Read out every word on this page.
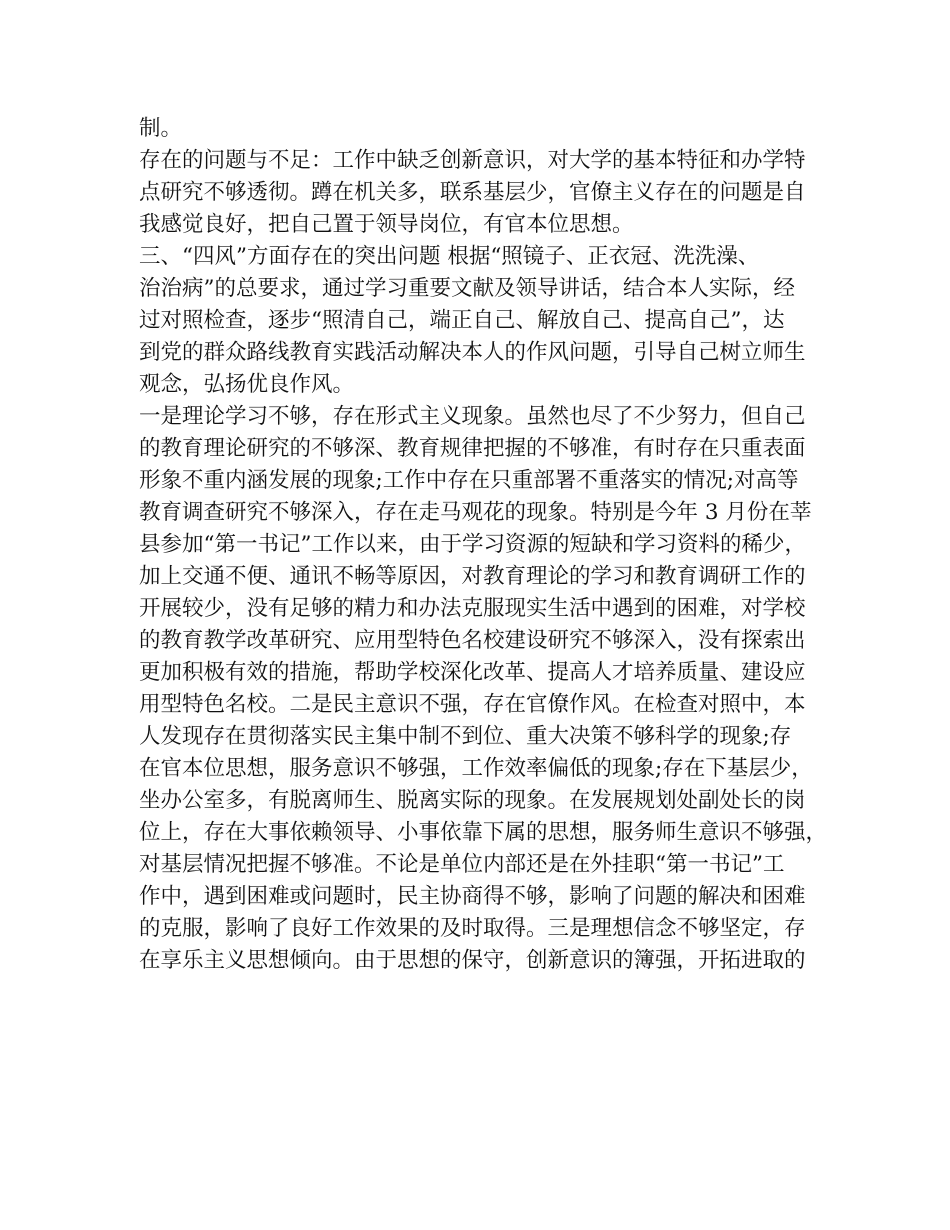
制。
存在的问题与不足：工作中缺乏创新意识，对大学的基本特征和办学特
点研究不够透彻。蹲在机关多，联系基层少，官僚主义存在的问题是自
我感觉良好，把自己置于领导岗位，有官本位思想。
三、“四风”方面存在的突出问题 根据“照镜子、正衣冠、洗洗澡、
治治病”的总要求，通过学习重要文献及领导讲话，结合本人实际，经
过对照检查，逐步“照清自己，端正自己、解放自己、提高自己”，达
到党的群众路线教育实践活动解决本人的作风问题，引导自己树立师生
观念，弘扬优良作风。
一是理论学习不够，存在形式主义现象。虽然也尽了不少努力，但自己
的教育理论研究的不够深、教育规律把握的不够准，有时存在只重表面
形象不重内涵发展的现象;工作中存在只重部署不重落实的情况;对高等
教育调查研究不够深入，存在走马观花的现象。特别是今年 3 月份在莘
县参加“第一书记”工作以来，由于学习资源的短缺和学习资料的稀少，
加上交通不便、通讯不畅等原因，对教育理论的学习和教育调研工作的
开展较少，没有足够的精力和办法克服现实生活中遇到的困难，对学校
的教育教学改革研究、应用型特色名校建设研究不够深入，没有探索出
更加积极有效的措施，帮助学校深化改革、提高人才培养质量、建设应
用型特色名校。二是民主意识不强，存在官僚作风。在检查对照中，本
人发现存在贯彻落实民主集中制不到位、重大决策不够科学的现象;存
在官本位思想，服务意识不够强，工作效率偏低的现象;存在下基层少，
坐办公室多，有脱离师生、脱离实际的现象。在发展规划处副处长的岗
位上，存在大事依赖领导、小事依靠下属的思想，服务师生意识不够强，
对基层情况把握不够准。不论是单位内部还是在外挂职“第一书记”工
作中，遇到困难或问题时，民主协商得不够，影响了问题的解决和困难
的克服，影响了良好工作效果的及时取得。三是理想信念不够坚定，存
在享乐主义思想倾向。由于思想的保守，创新意识的簿强，开拓进取的
